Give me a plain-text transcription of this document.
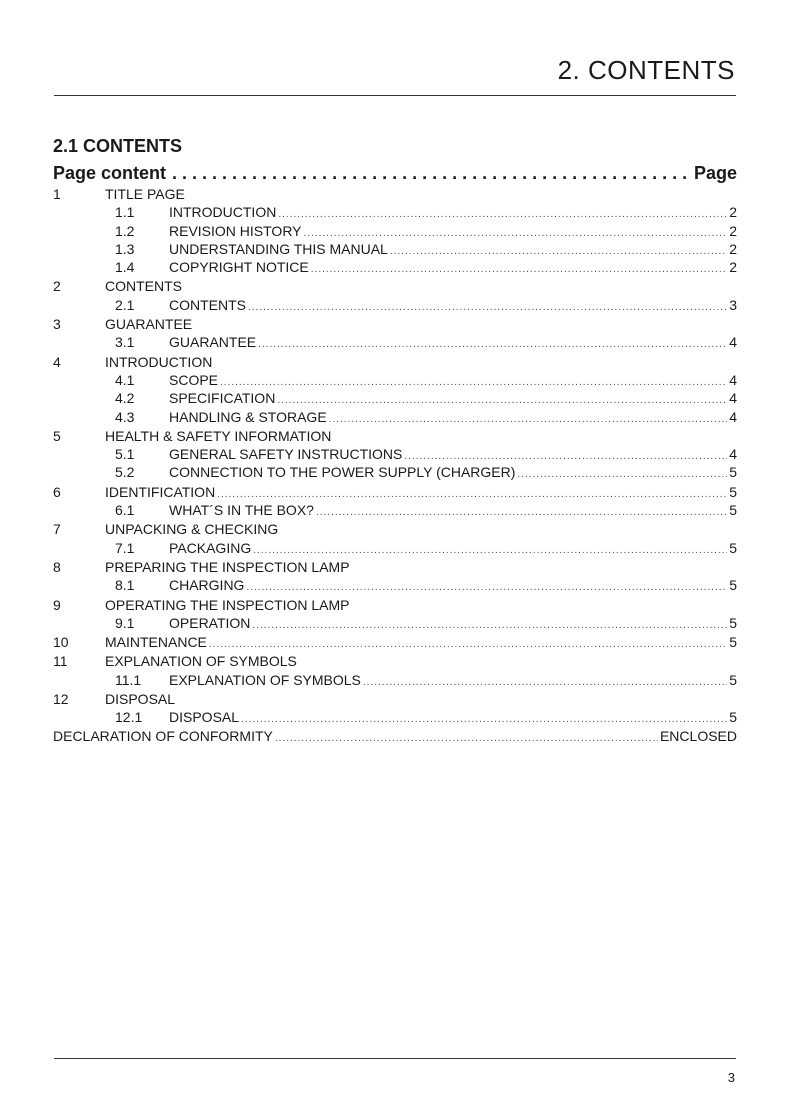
2. CONTENTS
2.1 CONTENTS
Page content . . .	Page
1	TITLE PAGE
1.1	INTRODUCTION .....	2
1.2	REVISION HISTORY .....	2
1.3	UNDERSTANDING THIS MANUAL .....	2
1.4	COPYRIGHT NOTICE .....	2
2	CONTENTS
2.1	CONTENTS .....	3
3	GUARANTEE
3.1	GUARANTEE .....	4
4	INTRODUCTION
4.1	SCOPE .....	4
4.2	SPECIFICATION .....	4
4.3	HANDLING & STORAGE .....	4
5	HEALTH & SAFETY INFORMATION
5.1	GENERAL SAFETY INSTRUCTIONS .....	4
5.2	CONNECTION TO THE POWER SUPPLY (CHARGER) .....	5
6	IDENTIFICATION .....	5
6.1	WHAT´S IN THE BOX? .....	5
7	UNPACKING & CHECKING
7.1	PACKAGING .....	5
8	PREPARING THE INSPECTION LAMP
8.1	CHARGING .....	5
9	OPERATING THE INSPECTION LAMP
9.1	OPERATION .....	5
10	MAINTENANCE .....	5
11	EXPLANATION OF SYMBOLS
11.1	EXPLANATION OF SYMBOLS .....	5
12	DISPOSAL
12.1	DISPOSAL .....	5
DECLARATION OF CONFORMITY .....	ENCLOSED
3
